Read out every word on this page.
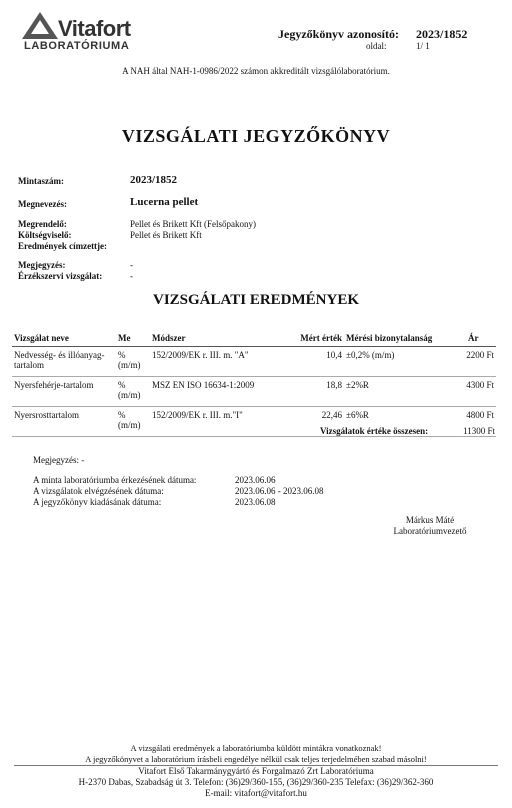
Vitafort
LABORATÓRIUMA
Jegyzőkönyv azonosító: 2023/1852
oldal:	1/ 1
A NAH által NAH-1-0986/2022 számon akkreditált vizsgálólaboratórium.
VIZSGÁLATI JEGYZŐKÖNYV
Mintaszám:	2023/1852
Megnevezés:	Lucerna pellet
Megrendelő:	Pellet és Brikett Kft (Felsőpakony)
Költségviselő:	Pellet és Brikett Kft
Eredmények címzettje:
Megjegyzés:	-
Érzékszervi vizsgálat:	-
VIZSGÁLATI EREDMÉNYEK
Vizsgálat neve	Me	Módszer	Mért érték	Mérési bizonytalanság	Ár
Nedvesség- és illóanyag-tartalom	% (m/m)	152/2009/EK r. III. m. "A"	10,4	±0,2% (m/m)	2200 Ft
Nyersfehérje-tartalom	% (m/m)	MSZ EN ISO 16634-1:2009	18,8	±2%R	4300 Ft
Nyersrosttartalom	% (m/m)	152/2009/EK r. III. m."I"	22,46	±6%R	4800 Ft
Vizsgálatok értéke összesen:	11300 Ft
Megjegyzés: -
A minta laboratóriumba érkezésének dátuma:	2023.06.06
A vizsgálatok elvégzésének dátuma:	2023.06.06 - 2023.06.08
A jegyzőkönyv kiadásának dátuma:	2023.06.08
Márkus Máté
Laboratóriumvezető
A vizsgálati eredmények a laboratóriumba küldött mintákra vonatkoznak!
A jegyzőkönyvet a laboratórium írásbeli engedélye nélkül csak teljes terjedelmében szabad másolni!
Vitafort Első Takarmánygyártó és Forgalmazó Zrt Laboratóriuma
H-2370 Dabas, Szabadság út 3. Telefon: (36)29/360-155, (36)29/360-235 Telefax: (36)29/362-360
E-mail: vitafort@vitafort.hu
